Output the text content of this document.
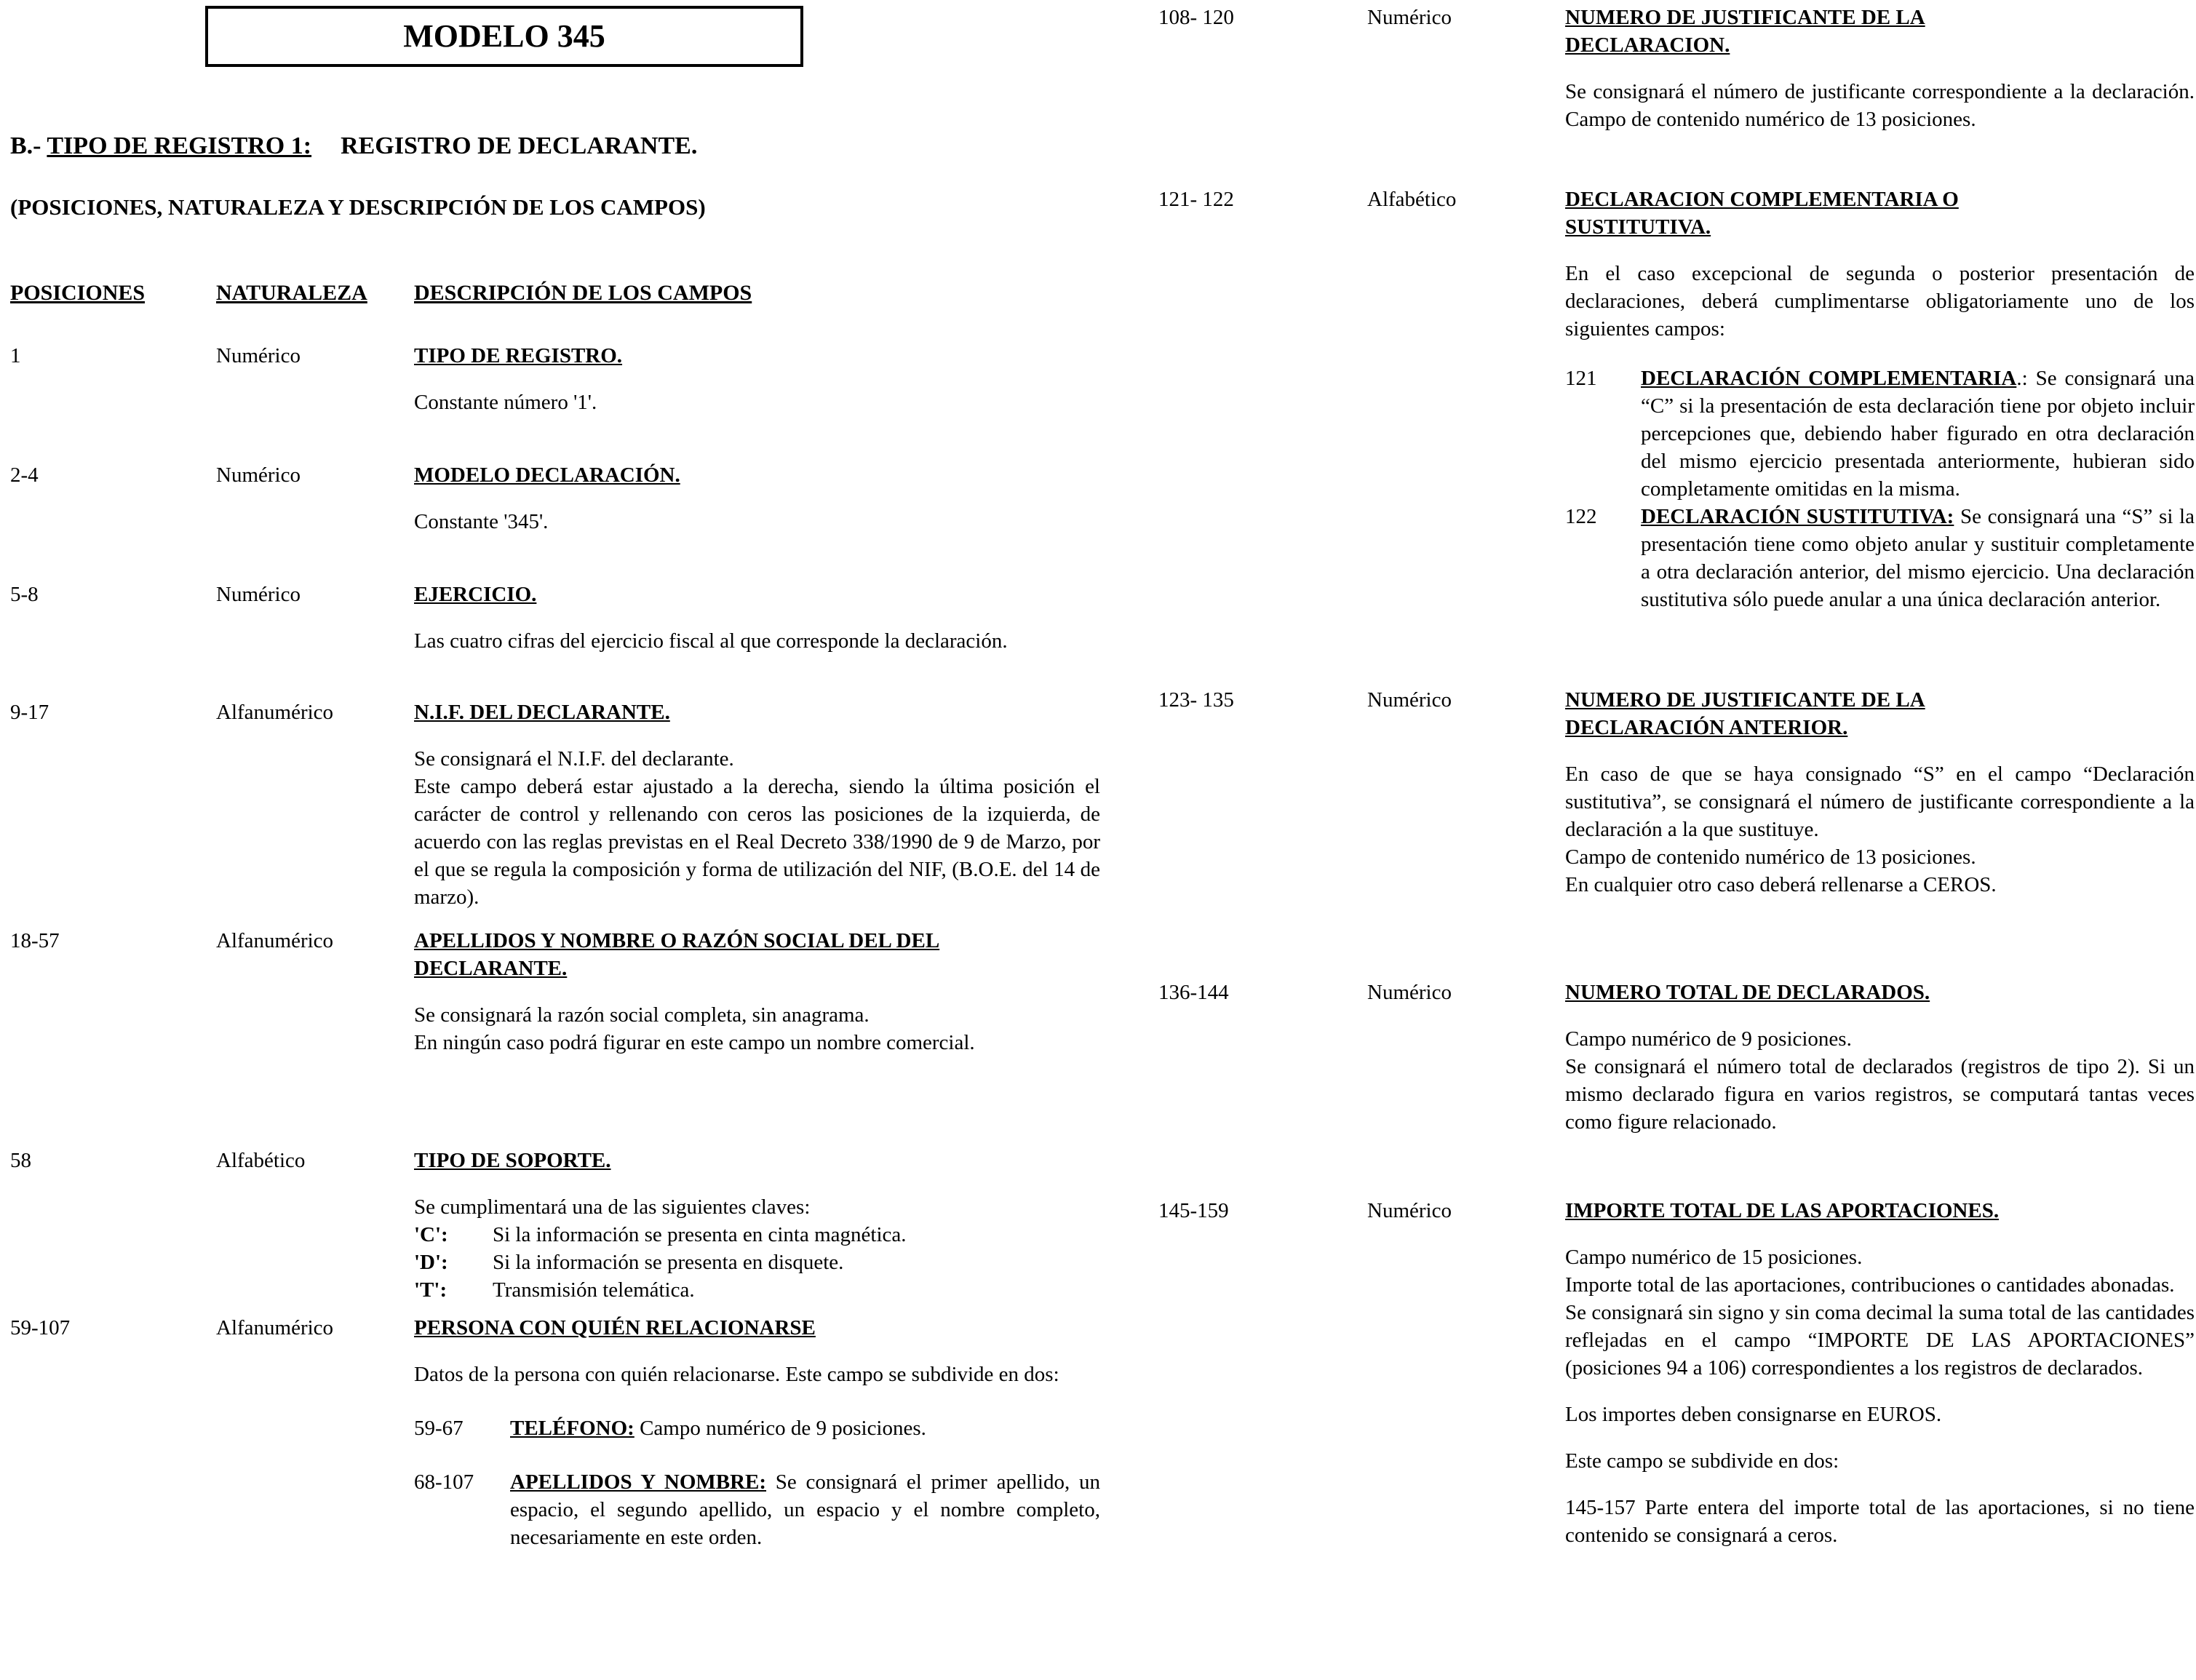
MODELO 345
B.- TIPO DE REGISTRO 1: REGISTRO DE DECLARANTE.
(POSICIONES, NATURALEZA Y DESCRIPCIÓN DE LOS CAMPOS)
POSICIONES	NATURALEZA	DESCRIPCIÓN DE LOS CAMPOS
1	Numérico	TIPO DE REGISTRO.

Constante número '1'.

2-4	Numérico	MODELO DECLARACIÓN.

Constante '345'.

5-8	Numérico	EJERCICIO.

Las cuatro cifras del ejercicio fiscal al que corresponde la declaración.

9-17	Alfanumérico	N.I.F. DEL DECLARANTE.

Se consignará el N.I.F. del declarante.

Este campo deberá estar ajustado a la derecha, siendo la última posición el carácter de control y rellenando con ceros las posiciones de la izquierda, de acuerdo con las reglas previstas en el Real Decreto 338/1990 de 9 de Marzo, por el que se regula la composición y forma de utilización del NIF, (B.O.E. del 14 de marzo).

18-57	Alfanumérico	APELLIDOS Y NOMBRE O RAZÓN SOCIAL DEL DEL DECLARANTE.

Se consignará la razón social completa, sin anagrama.

En ningún caso podrá figurar en este campo un nombre comercial.

58	Alfabético	TIPO DE SOPORTE.

Se cumplimentará una de las siguientes claves:

'C':	Si la información se presenta en cinta magnética.
'D':	Si la información se presenta en disquete.
'T':	Transmisión telemática.
59-107	Alfanumérico	PERSONA CON QUIÉN RELACIONARSE

Datos de la persona con quién relacionarse. Este campo se subdivide en dos:

59-67	TELÉFONO: Campo numérico de 9 posiciones.
68-107	APELLIDOS Y NOMBRE: Se consignará el primer apellido, un espacio, el segundo apellido, un espacio y el nombre completo, necesariamente en este orden.
108- 120	Numérico	NUMERO DE JUSTIFICANTE DE LA DECLARACION.

Se consignará el número de justificante correspondiente a la declaración. Campo de contenido numérico de 13 posiciones.

121- 122	Alfabético	DECLARACION COMPLEMENTARIA O SUSTITUTIVA.

En el caso excepcional de segunda o posterior presentación de declaraciones, deberá cumplimentarse obligatoriamente uno de los siguientes campos:

121	DECLARACIÓN COMPLEMENTARIA.: Se consignará una “C” si la presentación de esta declaración tiene por objeto incluir percepciones que, debiendo haber figurado en otra declaración del mismo ejercicio presentada anteriormente, hubieran sido completamente omitidas en la misma.
122	DECLARACIÓN SUSTITUTIVA: Se consignará una “S” si la presentación tiene como objeto anular y sustituir completamente a otra declaración anterior, del mismo ejercicio. Una declaración sustitutiva sólo puede anular a una única declaración anterior.
123- 135	Numérico	NUMERO DE JUSTIFICANTE DE LA DECLARACIÓN ANTERIOR.

En caso de que se haya consignado “S” en el campo “Declaración sustitutiva”, se consignará el número de justificante correspondiente a la declaración a la que sustituye.

Campo de contenido numérico de 13 posiciones.

En cualquier otro caso deberá rellenarse a CEROS.

136-144	Numérico	NUMERO TOTAL DE DECLARADOS.

Campo numérico de 9 posiciones.

Se consignará el número total de declarados (registros de tipo 2). Si un mismo declarado figura en varios registros, se computará tantas veces como figure relacionado.

145-159	Numérico	IMPORTE TOTAL DE LAS APORTACIONES.

Campo numérico de 15 posiciones.

Importe total de las aportaciones, contribuciones o cantidades abonadas.

Se consignará sin signo y sin coma decimal la suma total de las cantidades reflejadas en el campo “IMPORTE DE LAS APORTACIONES” (posiciones 94 a 106) correspondientes a los registros de declarados.

Los importes deben consignarse en EUROS.

Este campo se subdivide en dos:

145-157 Parte entera del importe total de las aportaciones, si no tiene contenido se consignará a ceros.
